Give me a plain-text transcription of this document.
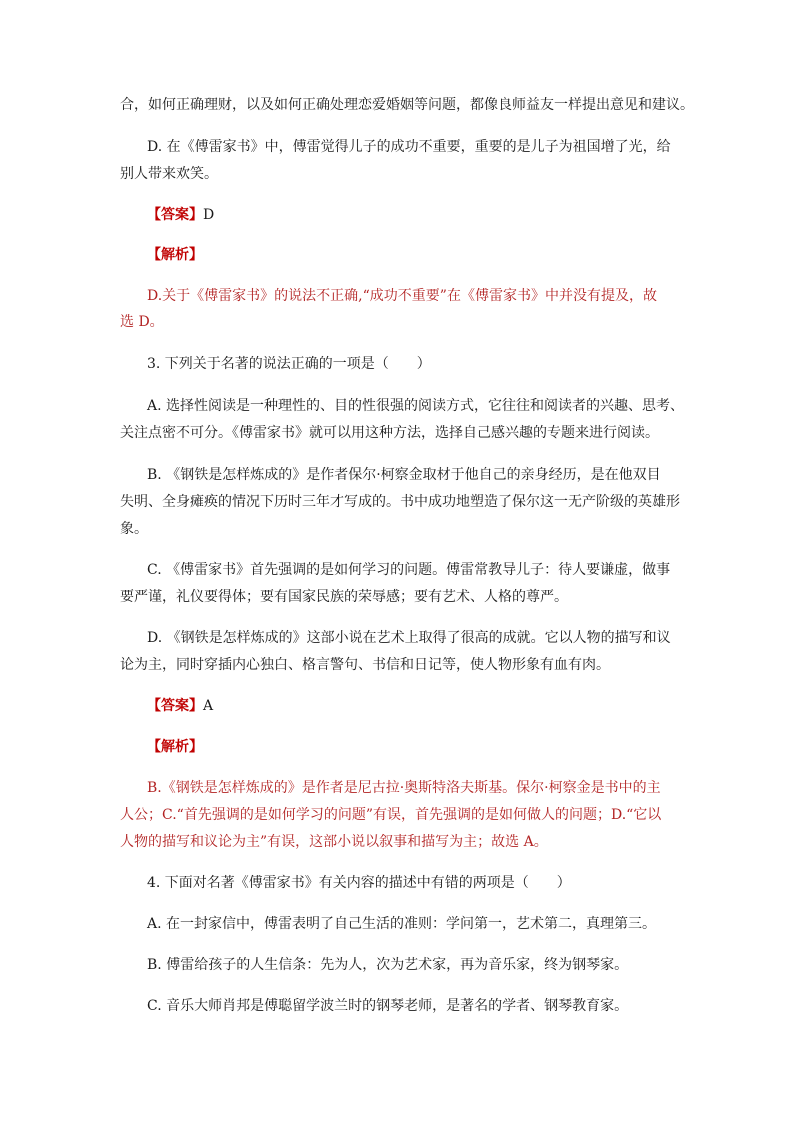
合，如何正确理财，以及如何正确处理恋爱婚姻等问题，都像良师益友一样提出意见和建议。
D. 在《傅雷家书》中，傅雷觉得儿子的成功不重要，重要的是儿子为祖国增了光，给
别人带来欢笑。
【答案】D
【解析】
D.关于《傅雷家书》的说法不正确,“成功不重要”在《傅雷家书》中并没有提及，故
选 D。
3. 下列关于名著的说法正确的一项是（　　）
A. 选择性阅读是一种理性的、目的性很强的阅读方式，它往往和阅读者的兴趣、思考、
关注点密不可分。《傅雷家书》就可以用这种方法，选择自己感兴趣的专题来进行阅读。
B. 《钢铁是怎样炼成的》是作者保尔·柯察金取材于他自己的亲身经历，是在他双目
失明、全身瘫痪的情况下历时三年才写成的。书中成功地塑造了保尔这一无产阶级的英雄形
象。
C. 《傅雷家书》首先强调的是如何学习的问题。傅雷常教导儿子：待人要谦虚，做事
要严谨，礼仪要得体；要有国家民族的荣辱感；要有艺术、人格的尊严。
D. 《钢铁是怎样炼成的》这部小说在艺术上取得了很高的成就。它以人物的描写和议
论为主，同时穿插内心独白、格言警句、书信和日记等，使人物形象有血有肉。
【答案】A
【解析】
B.《钢铁是怎样炼成的》是作者是尼古拉·奥斯特洛夫斯基。保尔·柯察金是书中的主
人公；C.“首先强调的是如何学习的问题”有误，首先强调的是如何做人的问题；D.“它以
人物的描写和议论为主”有误，这部小说以叙事和描写为主；故选 A。
4. 下面对名著《傅雷家书》有关内容的描述中有错的两项是（　　）
A. 在一封家信中，傅雷表明了自己生活的准则：学问第一，艺术第二，真理第三。
B. 傅雷给孩子的人生信条：先为人，次为艺术家，再为音乐家，终为钢琴家。
C. 音乐大师肖邦是傅聪留学波兰时的钢琴老师，是著名的学者、钢琴教育家。
